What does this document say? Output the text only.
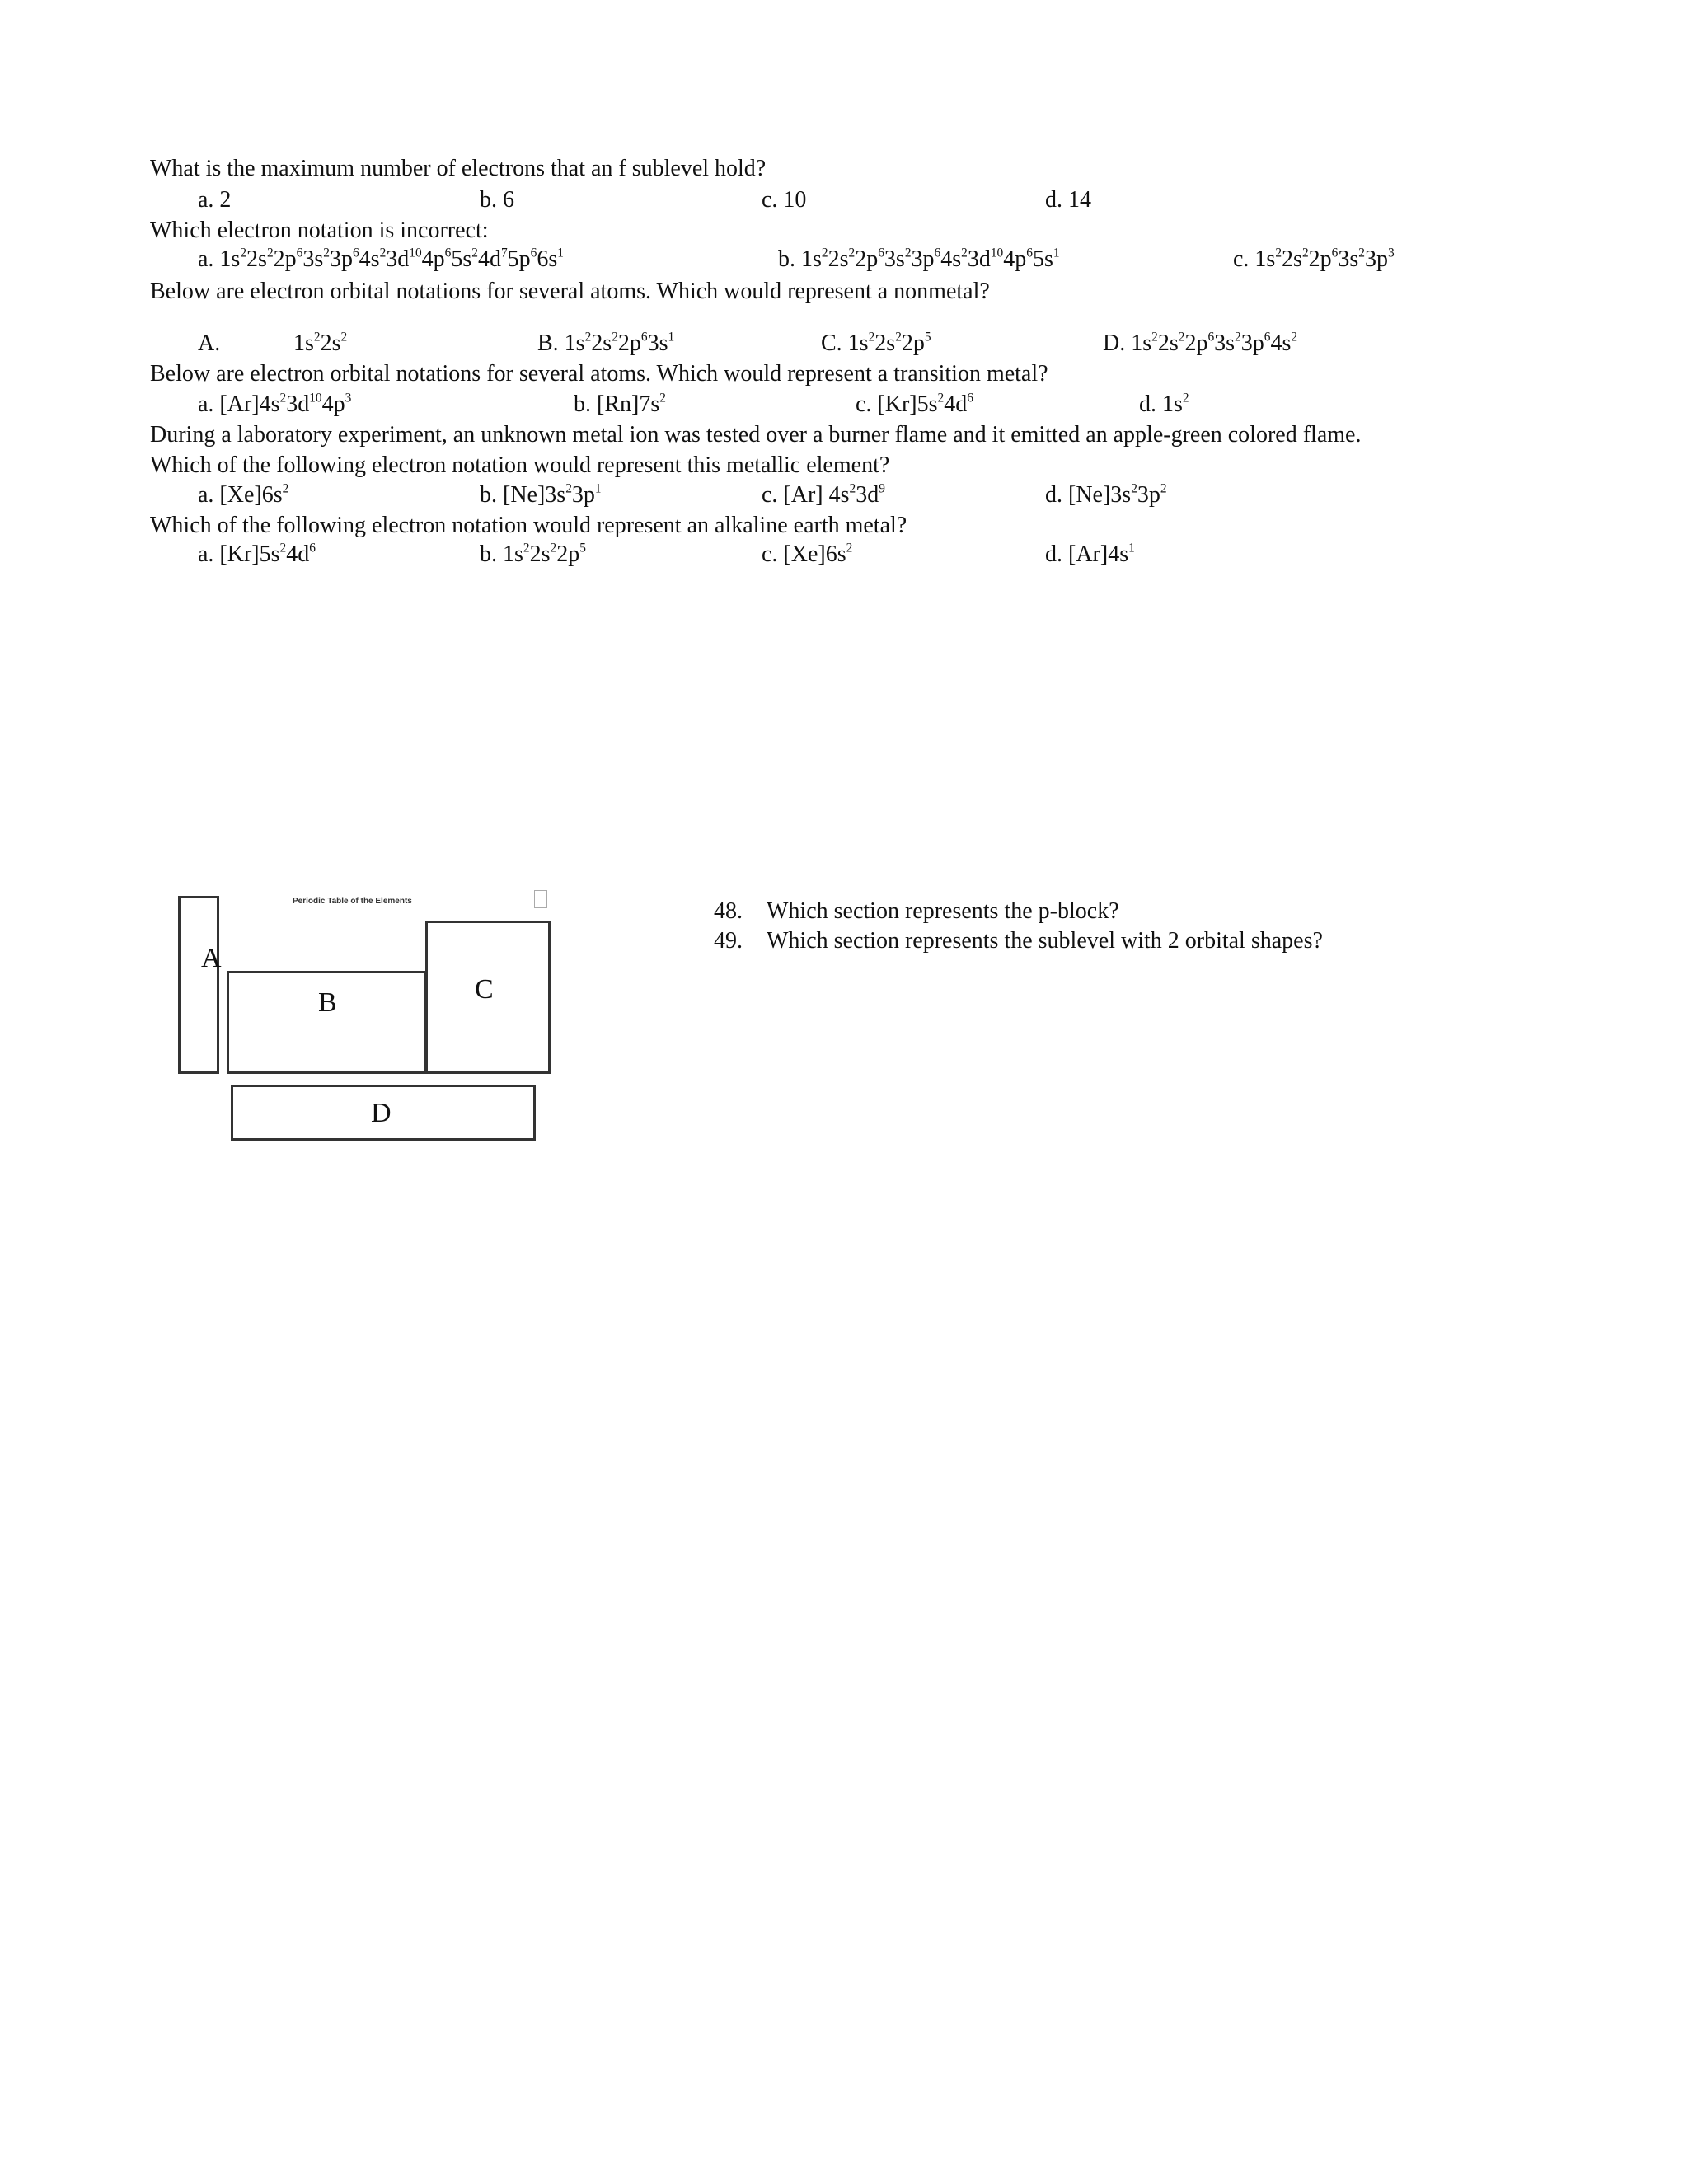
What is the maximum number of electrons that an f sublevel hold?
a. 2	b. 6	c. 10	d. 14
Which electron notation is incorrect:
a. $1s^22s^22p^63s^23p^64s^23d^{10}4p^65s^24d^75p^66s^1$	b. $1s^22s^22p^63s^23p^64s^23d^{10}4p^65s^1$	c. $1s^22s^22p^63s^23p^3$
Below are electron orbital notations for several atoms. Which would represent a nonmetal?
A.	$1s^22s^2$	B. $1s^22s^22p^63s^1$	C. $1s^22s^22p^5$	D. $1s^22s^22p^63s^23p^64s^2$
Below are electron orbital notations for several atoms. Which would represent a transition metal?
a. $[Ar]4s^23d^{10}4p^3$	b. $[Rn]7s^2$	c. $[Kr]5s^24d^6$	d. $1s^2$
During a laboratory experiment, an unknown metal ion was tested over a burner flame and it emitted an apple-green colored flame.
Which of the following electron notation would represent this metallic element?
a. $[Xe]6s^2$	b. $[Ne]3s^23p^1$	c. [Ar] $4s^23d^9$	d. $[Ne]3s^23p^2$
Which of the following electron notation would represent an alkaline earth metal?
a. $[Kr]5s^24d^6$	b. $1s^22s^22p^5$	c. $[Xe]6s^2$	d. $[Ar]4s^1$
Periodic Table of the Elements
A
B	C
D
48. Which section represents the p-block?
49. Which section represents the sublevel with 2 orbital shapes?
